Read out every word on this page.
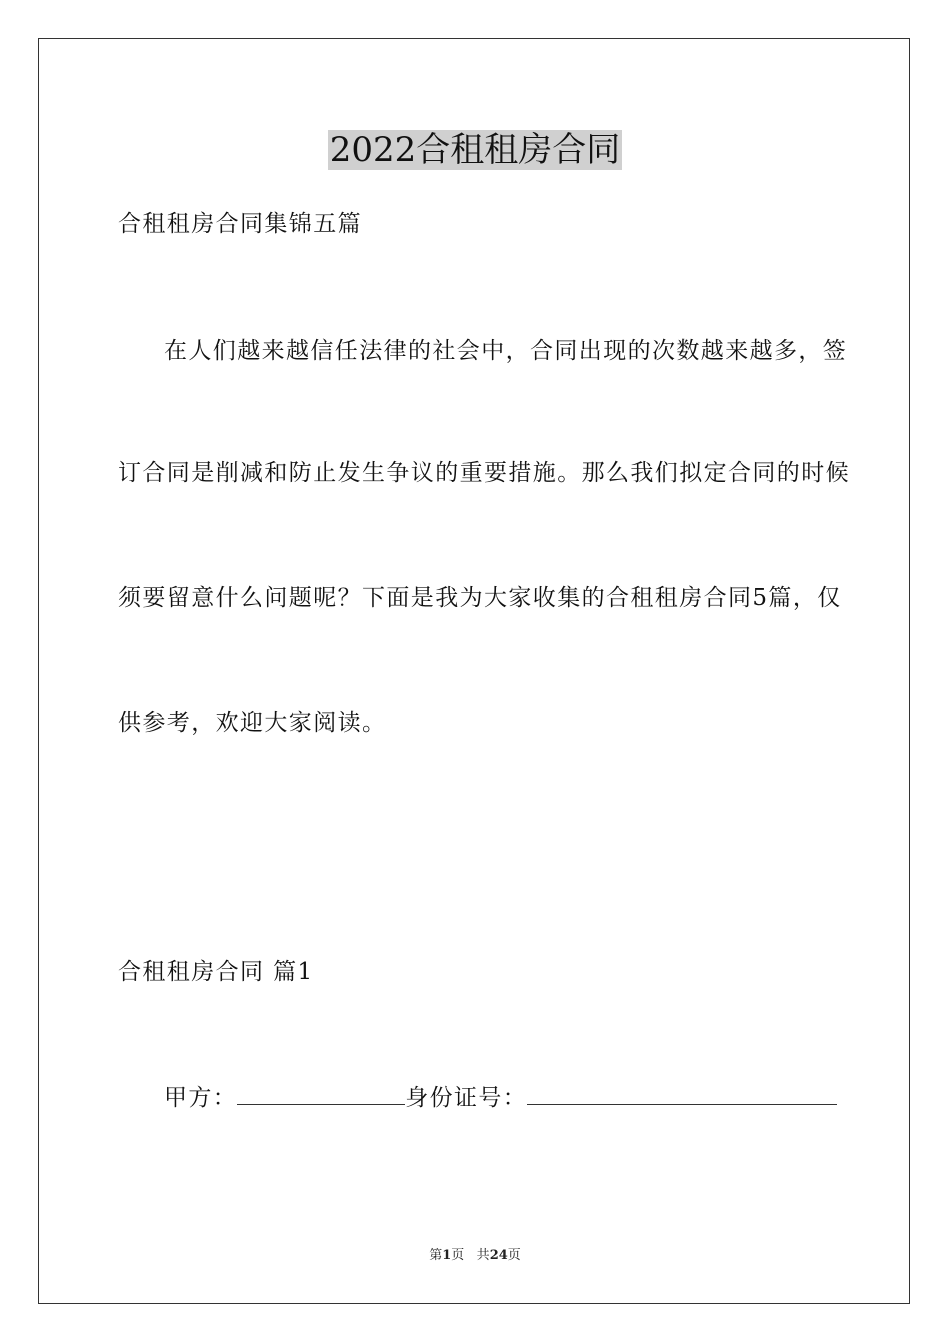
2022合租租房合同
合租租房合同集锦五篇
在人们越来越信任法律的社会中，合同出现的次数越来越多，签
订合同是削减和防止发生争议的重要措施。那么我们拟定合同的时候
须要留意什么问题呢？下面是我为大家收集的合租租房合同5篇，仅
供参考，欢迎大家阅读。
合租租房合同 篇1
甲方：	身份证号：
第1页 共24页
